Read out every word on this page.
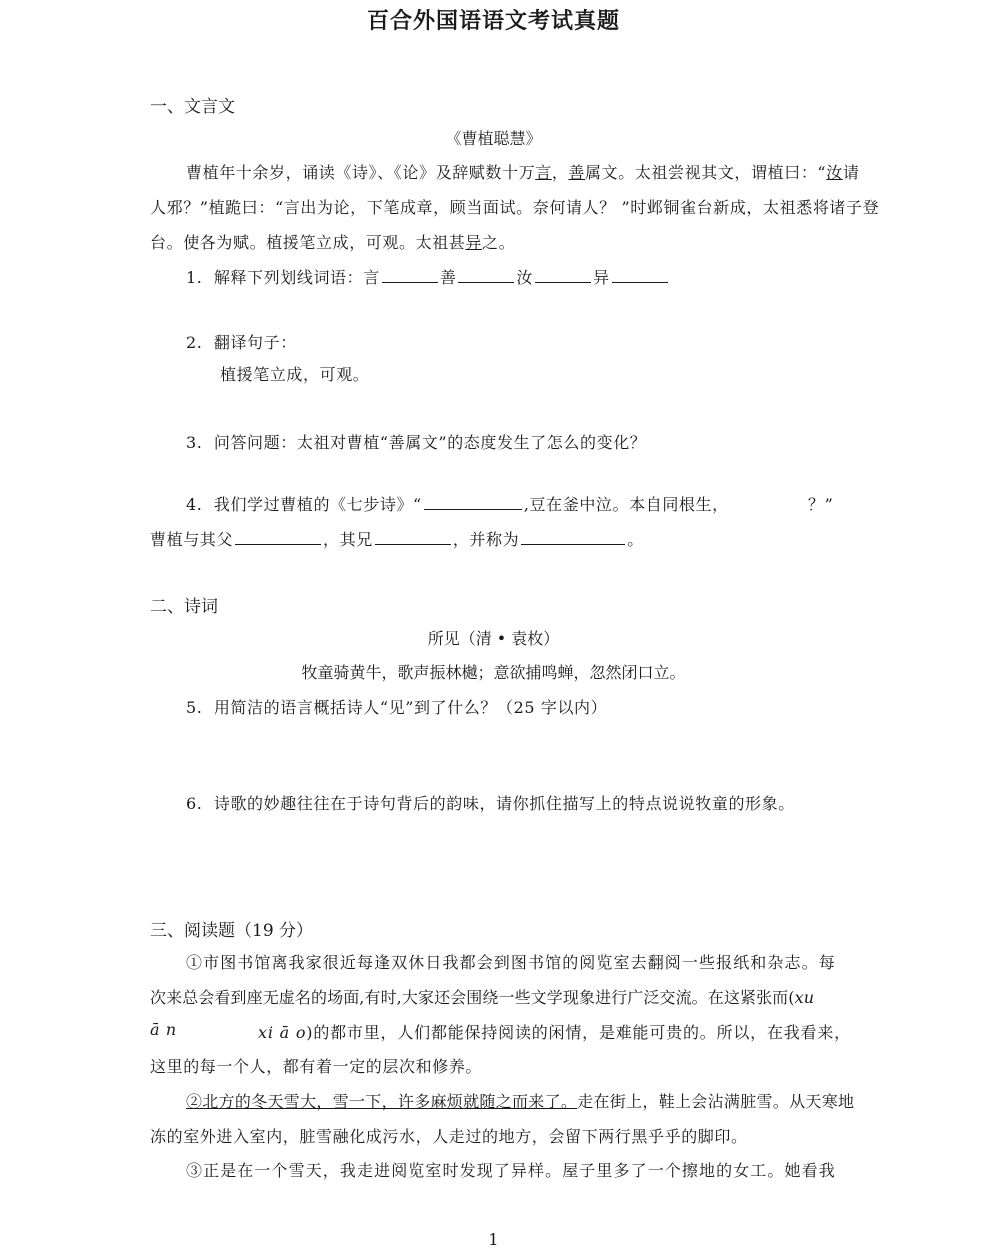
百合外国语语文考试真题
一、文言文
《曹植聪慧》
曹植年十余岁，诵读《诗》、《论》及辞赋数十万言，善属文。太祖尝视其文，谓植曰：“汝请
人邪？”植跪曰：“言出为论，下笔成章，顾当面试。奈何请人？ ”时邺铜雀台新成，太祖悉将诸子登
台。使各为赋。植援笔立成，可观。太祖甚异之。
1. 解释下列划线词语：言	善	汝	异
2. 翻译句子：
植援笔立成，可观。
3. 问答问题：太祖对曹植“善属文”的态度发生了怎么的变化？
4. 我们学过曹植的《七步诗》“	,豆在釜中泣。本自同根生，	？”
曹植与其父	，其兄	，并称为	。
二、诗词
所见（清 • 袁枚）
牧童骑黄牛，歌声振林樾；意欲捕鸣蝉，忽然闭口立。
5. 用简洁的语言概括诗人“见”到了什么？（25 字以内）
6. 诗歌的妙趣往往在于诗句背后的韵味，请你抓住描写上的特点说说牧童的形象。
三、阅读题（19 分）
①市图书馆离我家很近每逢双休日我都会到图书馆的阅览室去翻阅一些报纸和杂志。每
次来总会看到座无虚名的场面,有时,大家还会围绕一些文学现象进行广泛交流。在这紧张而(xu
ā n	xi ā o)的都市里，人们都能保持阅读的闲情，是难能可贵的。所以，在我看来，
这里的每一个人，都有着一定的层次和修养。
②北方的冬天雪大，雪一下，许多麻烦就随之而来了。走在街上，鞋上会沾满脏雪。从天寒地
冻的室外进入室内，脏雪融化成污水，人走过的地方，会留下两行黑乎乎的脚印。
③正是在一个雪天，我走进阅览室时发现了异样。屋子里多了一个擦地的女工。她看我
1
